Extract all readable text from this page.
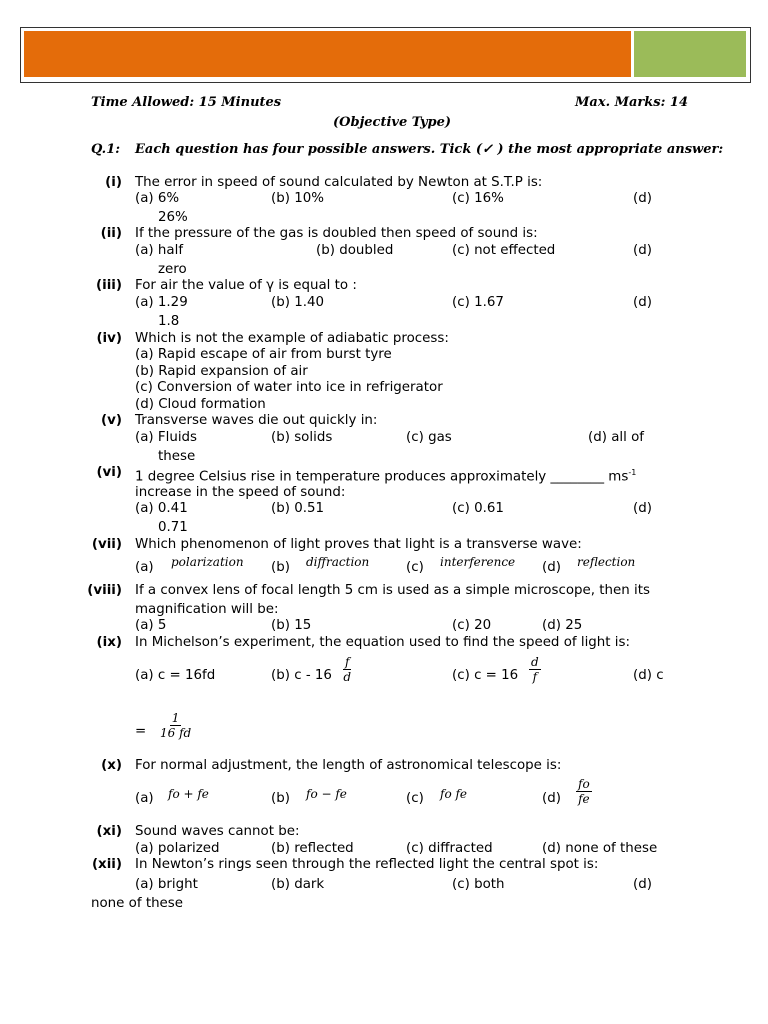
Time Allowed: 15 Minutes	Max. Marks: 14
(Objective Type)
Q.1: Each question has four possible answers. Tick (✓ ) the most appropriate answer:
(i) The error in speed of sound calculated by Newton at S.T.P is:
(a) 6%	(b) 10%	(c) 16%	(d)
26%
(ii) If the pressure of the gas is doubled then speed of sound is:
(a) half	(b) doubled	(c) not effected	(d)
zero
(iii) For air the value of γ is equal to :
(a) 1.29	(b) 1.40	(c) 1.67	(d)
1.8
(iv) Which is not the example of adiabatic process:
(a) Rapid escape of air from burst tyre
(b) Rapid expansion of air
(c) Conversion of water into ice in refrigerator
(d) Cloud formation
(v) Transverse waves die out quickly in:
(a) Fluids	(b) solids	(c) gas	(d) all of
these
(vi) 1 degree Celsius rise in temperature produces approximately ________ $ms^{-1}$
increase in the speed of sound:
(a) 0.41	(b) 0.51	(c) 0.61	(d)
0.71
(vii) Which phenomenon of light proves that light is a transverse wave:
(a) polarization (b) diffraction	(c) interference (d) reflection
(viii) If a convex lens of focal length 5 cm is used as a simple microscope, then its
magnification will be:
(a) 5	(b) 15	(c) 20	(d) 25
(ix) In Michelson’s experiment, the equation used to find the speed of light is:
(a) c = 16fd	(b) c - $16 \frac{f}{d}$	(c) $c = 16 \frac{d}{f}$	(d) c
= $\frac{1}{16 fd}$
(x) For normal adjustment, the length of astronomical telescope is:
(a) fo + fe	(b) fo − fe	(c) fo fe	$(d) \frac{fo}{fe}$
(xi) Sound waves cannot be:
(a) polarized	(b) reflected	(c) diffracted	(d) none of these
(xii) In Newton’s rings seen through the reflected light the central spot is:
(a) bright	(b) dark	(c) both	(d)
none of these
